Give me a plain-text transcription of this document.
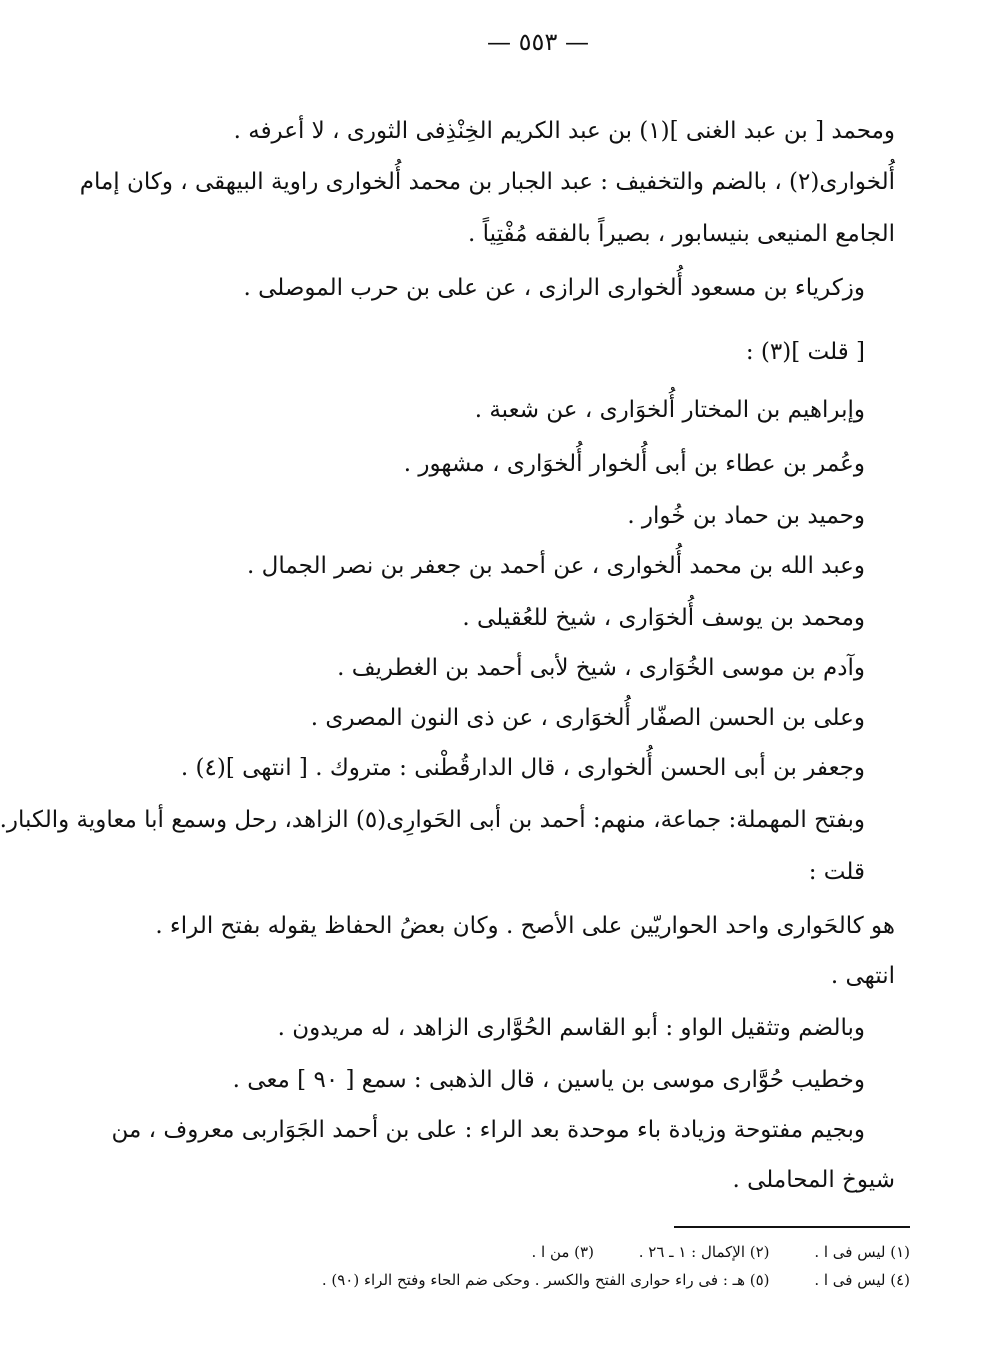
— ٥٥٣ —
ومحمد [ بن عبد الغنى ](١) بن عبد الكريم الخِنْذِفى الثورى ، لا أعرفه .
أُلخوارى(٢) ، بالضم والتخفيف : عبد الجبار بن محمد أُلخوارى راوية البيهقى ، وكان إمام
الجامع المنيعى بنيسابور ، بصيراً بالفقه مُفْتِياً .
وزكرياء بن مسعود أُلخوارى الرازى ، عن على بن حرب الموصلى .
[ قلت ](٣) :
وإبراهيم بن المختار أُلخوَارى ، عن شعبة .
وعُمر بن عطاء بن أبى أُلخوار أُلخوَارى ، مشهور .
وحميد بن حماد بن خُوار .
وعبد الله بن محمد أُلخوارى ، عن أحمد بن جعفر بن نصر الجمال .
ومحمد بن يوسف أُلخوَارى ، شيخ للعُقيلى .
وآدم بن موسى الخُوَارى ، شيخ لأبى أحمد بن الغطريف .
وعلى بن الحسن الصفّار أُلخوَارى ، عن ذى النون المصرى .
وجعفر بن أبى الحسن أُلخوارى ، قال الدارقُطْنى : متروك . [ انتهى ](٤) .
وبفتح المهملة: جماعة، منهم: أحمد بن أبى الحَوارِى(٥) الزاهد، رحل وسمع أبا معاوية والكبار.
قلت :
هو كالحَوارى واحد الحواريّين على الأصح . وكان بعضُ الحفاظ يقوله بفتح الراء .
انتهى .
وبالضم وتثقيل الواو : أبو القاسم الحُوَّارى الزاهد ، له مريدون .
وخطيب حُوَّارى موسى بن ياسين ، قال الذهبى : سمع [ ٩٠ ] معى .
وبجيم مفتوحة وزيادة باء موحدة بعد الراء : على بن أحمد الجَوَاربى معروف ، من
شيوخ المحاملى .
(١) ليس فى ا . (٢) الإكمال : ١ ـ ٢٦ . (٣) من ا .
(٤) ليس فى ا . (٥) هـ : فى راء حوارى الفتح والكسر . وحكى ضم الحاء وفتح الراء (٩٠) .
